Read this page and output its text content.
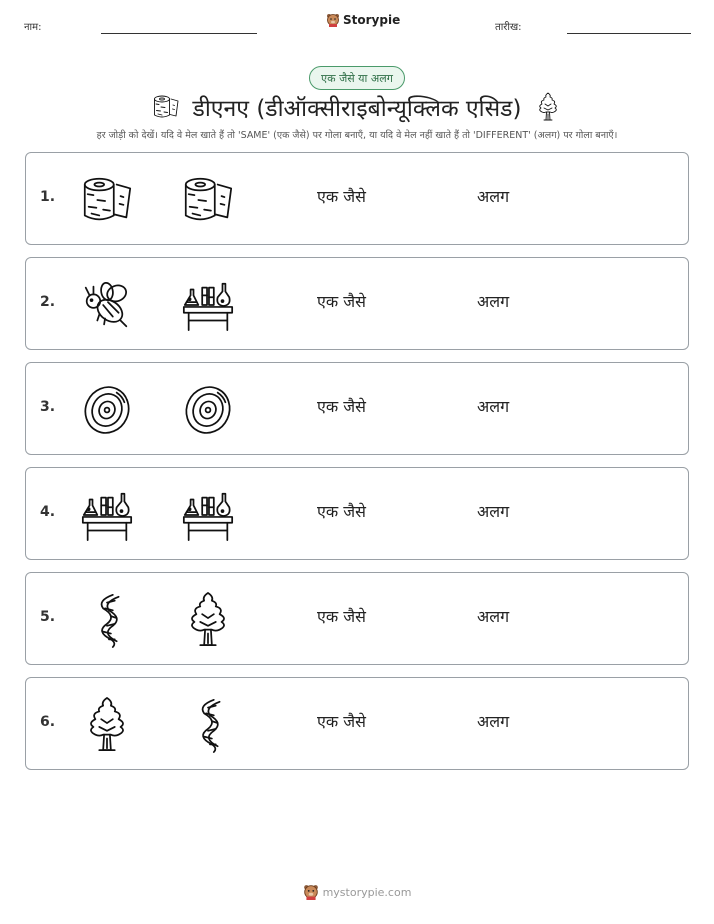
नाम:
Storypie
तारीख:
एक जैसे या अलग
डीएनए (डीऑक्सीराइबोन्यूक्लिक एसिड)
हर जोड़ी को देखें। यदि वे मेल खाते हैं तो 'SAME' (एक जैसे) पर गोला बनाएँ, या यदि वे मेल नहीं खाते हैं तो 'DIFFERENT' (अलग) पर गोला बनाएँ।
1.	एक जैसे	अलग
2.	एक जैसे	अलग
3.	एक जैसे	अलग
4.	एक जैसे	अलग
5.	एक जैसे	अलग
6.	एक जैसे	अलग
mystorypie.com
